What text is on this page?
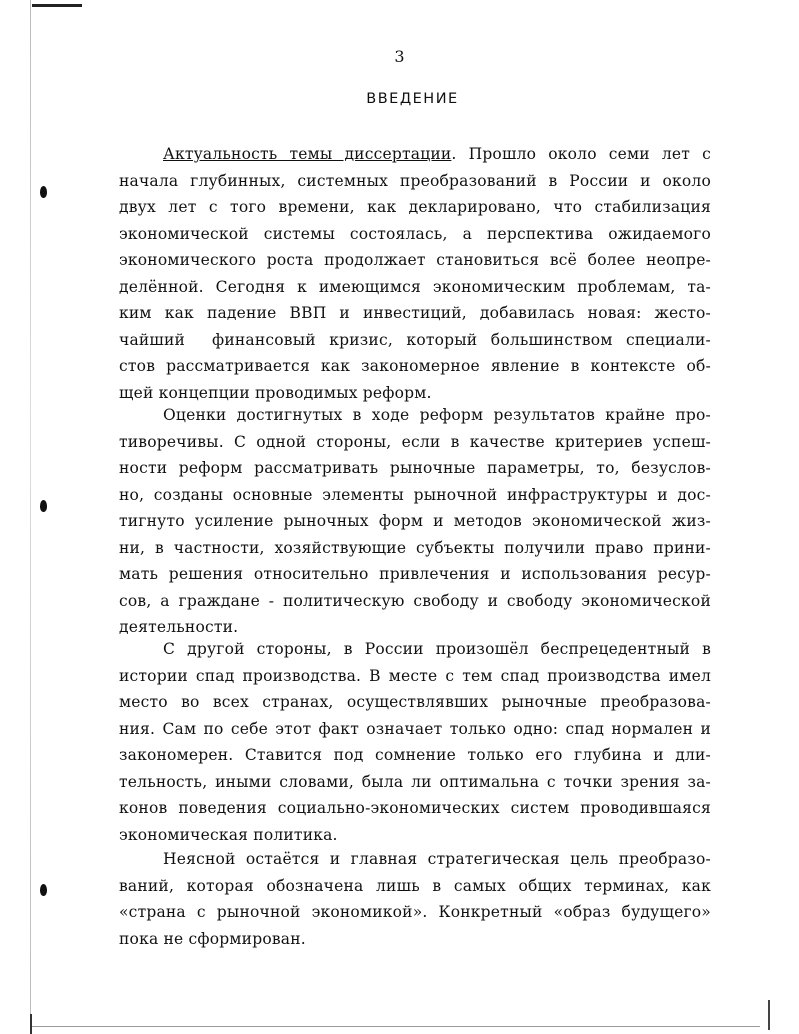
3
ВВЕДЕНИЕ
Актуальность темы диссертации. Прошло около семи лет с
начала глубинных, системных преобразований в России и около
двух лет с того времени, как декларировано, что стабилизация
экономической системы состоялась, а перспектива ожидаемого
экономического роста продолжает становиться всё более неопре-
делённой. Сегодня к имеющимся экономическим проблемам, та-
ким как падение ВВП и инвестиций, добавилась новая: жесто-
чайший  финансовый кризис, который большинством специали-
стов рассматривается как закономерное явление в контексте об-
щей концепции проводимых реформ.
Оценки достигнутых в ходе реформ результатов крайне про-
тиворечивы. С одной стороны, если в качестве критериев успеш-
ности реформ рассматривать рыночные параметры, то, безуслов-
но, созданы основные элементы рыночной инфраструктуры и дос-
тигнуто усиление рыночных форм и методов экономической жиз-
ни, в частности, хозяйствующие субъекты получили право прини-
мать решения относительно привлечения и использования ресур-
сов, а граждане - политическую свободу и свободу экономической
деятельности.
С другой стороны, в России произошёл беспрецедентный в
истории спад производства. В месте с тем спад производства имел
место во всех странах, осуществлявших рыночные преобразова-
ния. Сам по себе этот факт означает только одно: спад нормален и
закономерен. Ставится под сомнение только его глубина и дли-
тельность, иными словами, была ли оптимальна с точки зрения за-
конов поведения социально-экономических систем проводившаяся
экономическая политика.
Неясной остаётся и главная стратегическая цель преобразо-
ваний, которая обозначена лишь в самых общих терминах, как
«страна с рыночной экономикой». Конкретный «образ будущего»
пока не сформирован.
